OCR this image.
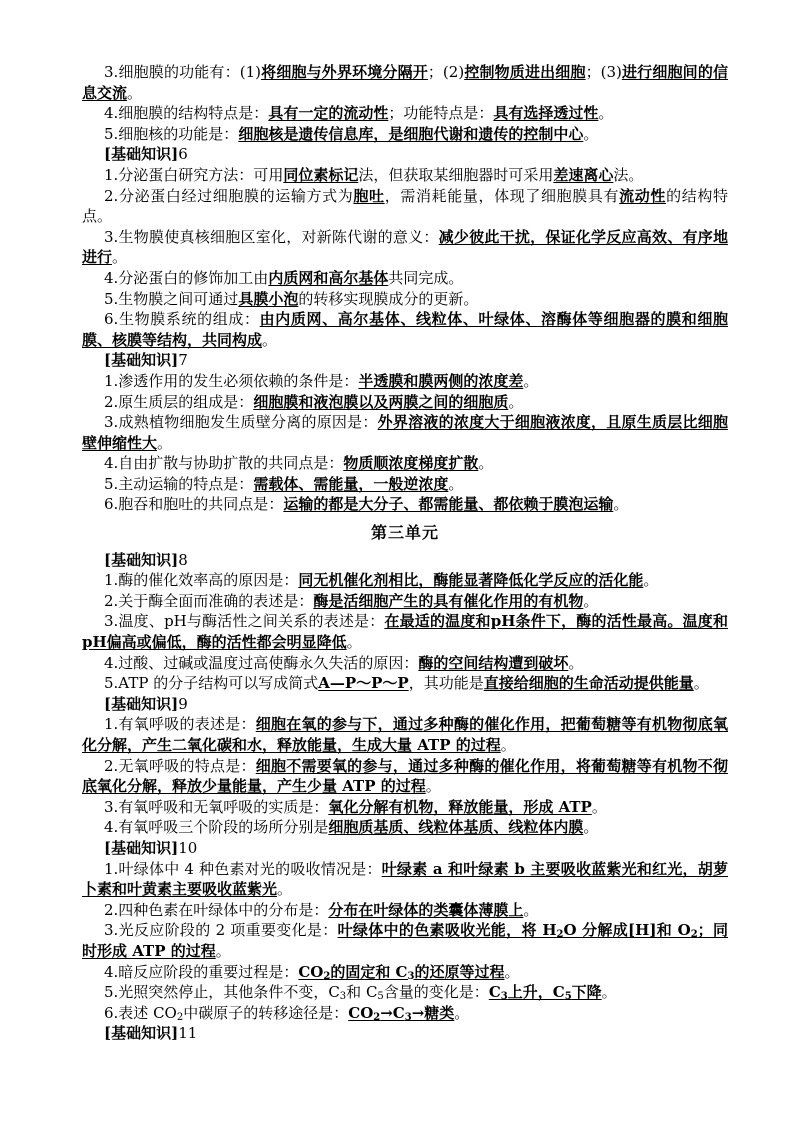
3.细胞膜的功能有：(1)将细胞与外界环境分隔开；(2)控制物质进出细胞；(3)进行细胞间的信息交流。

4.细胞膜的结构特点是：具有一定的流动性；功能特点是：具有选择透过性。

5.细胞核的功能是：细胞核是遗传信息库，是细胞代谢和遗传的控制中心。

[基础知识]6

1.分泌蛋白研究方法：可用同位素标记法，但获取某细胞器时可采用差速离心法。

2.分泌蛋白经过细胞膜的运输方式为胞吐，需消耗能量，体现了细胞膜具有流动性的结构特点。

3.生物膜使真核细胞区室化，对新陈代谢的意义：减少彼此干扰，保证化学反应高效、有序地进行。

4.分泌蛋白的修饰加工由内质网和高尔基体共同完成。

5.生物膜之间可通过具膜小泡的转移实现膜成分的更新。

6.生物膜系统的组成：由内质网、高尔基体、线粒体、叶绿体、溶酶体等细胞器的膜和细胞膜、核膜等结构，共同构成。

[基础知识]7

1.渗透作用的发生必须依赖的条件是：半透膜和膜两侧的浓度差。

2.原生质层的组成是：细胞膜和液泡膜以及两膜之间的细胞质。

3.成熟植物细胞发生质壁分离的原因是：外界溶液的浓度大于细胞液浓度，且原生质层比细胞壁伸缩性大。

4.自由扩散与协助扩散的共同点是：物质顺浓度梯度扩散。

5.主动运输的特点是：需载体、需能量，一般逆浓度。

6.胞吞和胞吐的共同点是：运输的都是大分子、都需能量、都依赖于膜泡运输。

第三单元

[基础知识]8

1.酶的催化效率高的原因是：同无机催化剂相比，酶能显著降低化学反应的活化能。

2.关于酶全面而准确的表述是：酶是活细胞产生的具有催化作用的有机物。

3.温度、pH与酶活性之间关系的表述是：在最适的温度和pH条件下，酶的活性最高。温度和pH偏高或偏低，酶的活性都会明显降低。

4.过酸、过碱或温度过高使酶永久失活的原因：酶的空间结构遭到破坏。

5.ATP 的分子结构可以写成简式A—P～P～P，其功能是直接给细胞的生命活动提供能量。

[基础知识]9

1.有氧呼吸的表述是：细胞在氧的参与下，通过多种酶的催化作用，把葡萄糖等有机物彻底氧化分解，产生二氧化碳和水，释放能量，生成大量 ATP 的过程。

2.无氧呼吸的特点是：细胞不需要氧的参与，通过多种酶的催化作用，将葡萄糖等有机物不彻底氧化分解，释放少量能量，产生少量 ATP 的过程。

3.有氧呼吸和无氧呼吸的实质是：氧化分解有机物，释放能量，形成 ATP。

4.有氧呼吸三个阶段的场所分别是细胞质基质、线粒体基质、线粒体内膜。

[基础知识]10

1.叶绿体中 4 种色素对光的吸收情况是：叶绿素 a 和叶绿素 b 主要吸收蓝紫光和红光，胡萝卜素和叶黄素主要吸收蓝紫光。

2.四种色素在叶绿体中的分布是：分布在叶绿体的类囊体薄膜上。

3.光反应阶段的 2 项重要变化是：叶绿体中的色素吸收光能，将 $H_2O$ 分解成[H]和 $O_2$；同时形成 ATP 的过程。

4.暗反应阶段的重要过程是：$CO_2$的固定和 $C_3$的还原等过程。

5.光照突然停止，其他条件不变，$C_3$和 $C_5$含量的变化是：$C_3$上升，$C_5$下降。

6.表述 $CO_2$中碳原子的转移途径是：$CO_2\to C_3\to$糖类。

[基础知识]11
